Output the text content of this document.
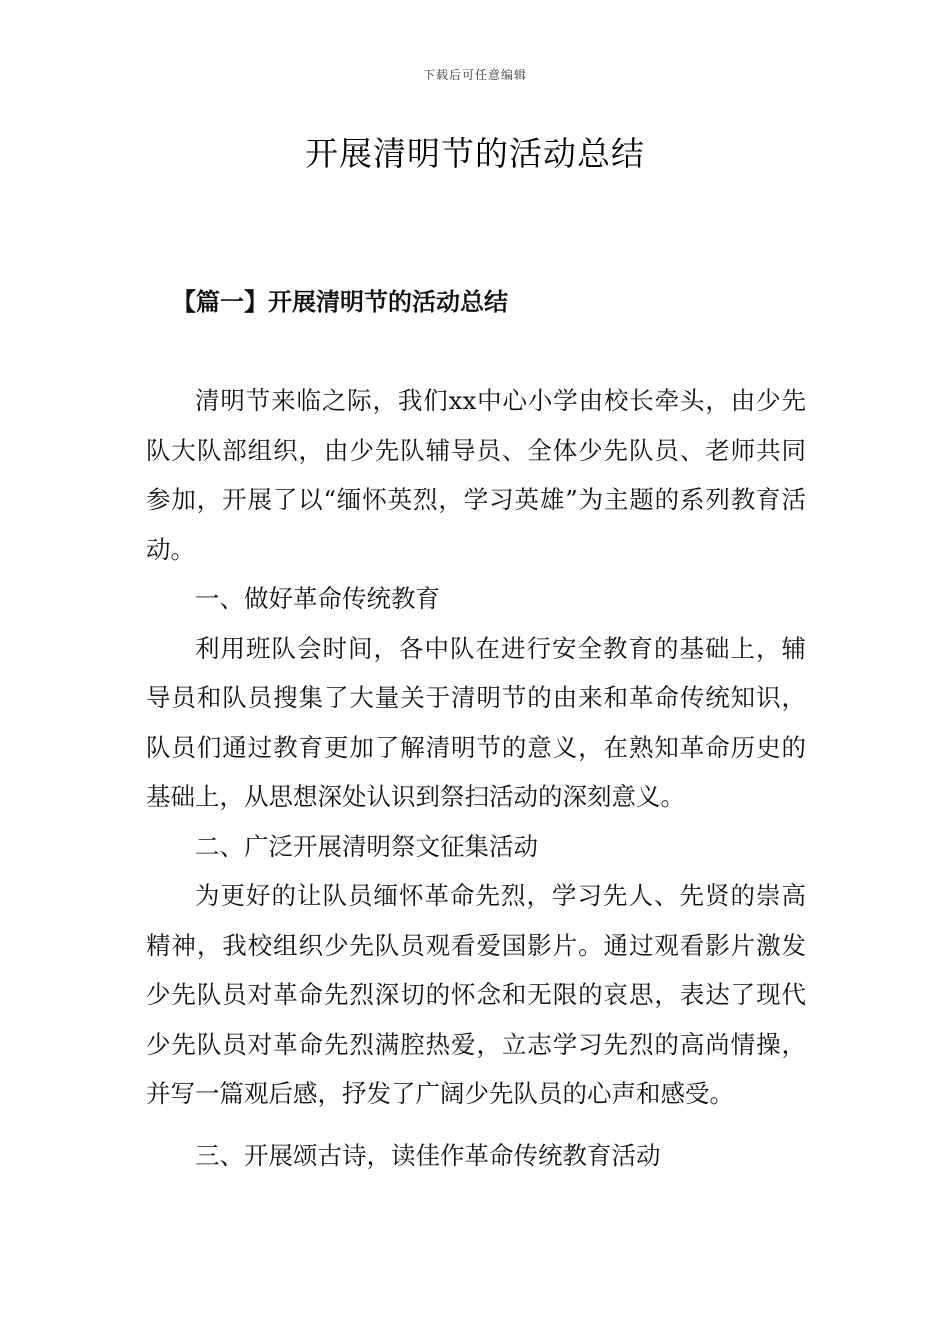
下载后可任意编辑
开展清明节的活动总结
【篇一】开展清明节的活动总结

清明节来临之际，我们xx中心小学由校长牵头，由少先队大队部组织，由少先队辅导员、全体少先队员、老师共同参加，开展了以“缅怀英烈，学习英雄”为主题的系列教育活动。

一、做好革命传统教育

利用班队会时间，各中队在进行安全教育的基础上，辅导员和队员搜集了大量关于清明节的由来和革命传统知识，队员们通过教育更加了解清明节的意义，在熟知革命历史的基础上，从思想深处认识到祭扫活动的深刻意义。

二、广泛开展清明祭文征集活动

为更好的让队员缅怀革命先烈，学习先人、先贤的崇高精神，我校组织少先队员观看爱国影片。通过观看影片激发少先队员对革命先烈深切的怀念和无限的哀思，表达了现代少先队员对革命先烈满腔热爱，立志学习先烈的高尚情操，并写一篇观后感，抒发了广阔少先队员的心声和感受。

三、开展颂古诗，读佳作革命传统教育活动
